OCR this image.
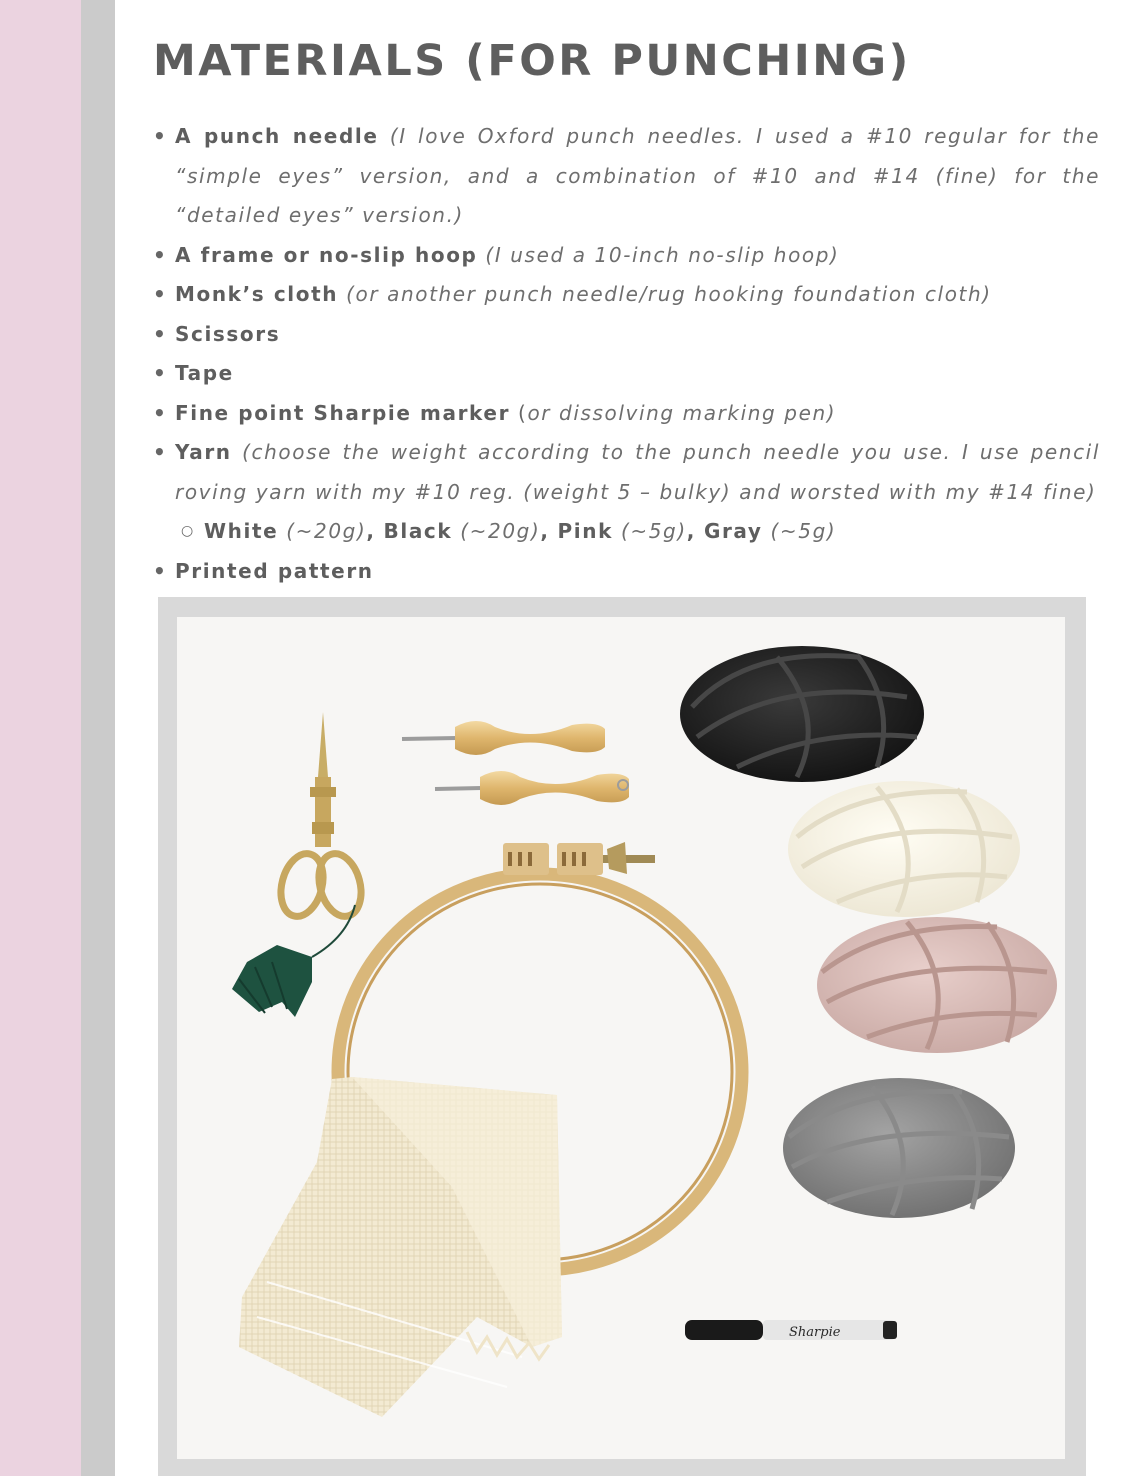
MATERIALS (FOR PUNCHING)
• A punch needle (I love Oxford punch needles. I used a #10 regular for the “simple eyes” version, and a combination of #10 and #14 (fine) for the “detailed eyes” version.)
• A frame or no-slip hoop (I used a 10-inch no-slip hoop)
• Monk’s cloth (or another punch needle/rug hooking foundation cloth)
• Scissors
• Tape
• Fine point Sharpie marker (or dissolving marking pen)
• Yarn (choose the weight according to the punch needle you use. I use pencil roving yarn with my #10 reg. (weight 5 – bulky) and worsted with my #14 fine)
○ White (~20g), Black (~20g), Pink (~5g), Gray (~5g)
• Printed pattern
Sharpie
